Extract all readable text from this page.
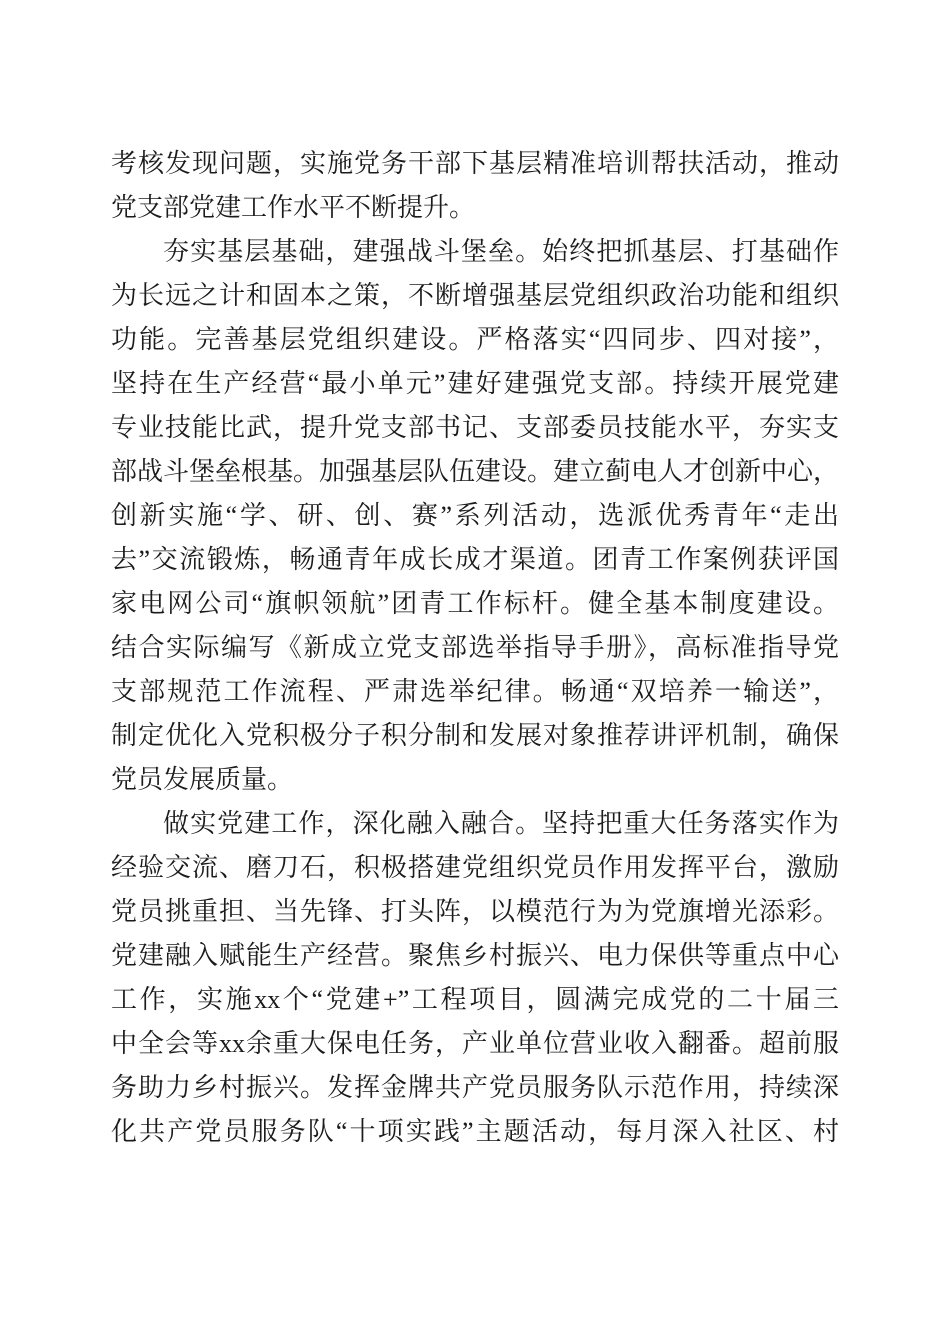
考核发现问题，实施党务干部下基层精准培训帮扶活动，推动
党支部党建工作水平不断提升。
夯实基层基础，建强战斗堡垒。始终把抓基层、打基础作
为长远之计和固本之策，不断增强基层党组织政治功能和组织
功能。完善基层党组织建设。严格落实“四同步、四对接”，
坚持在生产经营“最小单元”建好建强党支部。持续开展党建
专业技能比武，提升党支部书记、支部委员技能水平，夯实支
部战斗堡垒根基。加强基层队伍建设。建立蓟电人才创新中心，
创新实施“学、研、创、赛”系列活动，选派优秀青年“走出
去”交流锻炼，畅通青年成长成才渠道。团青工作案例获评国
家电网公司“旗帜领航”团青工作标杆。健全基本制度建设。
结合实际编写《新成立党支部选举指导手册》，高标准指导党
支部规范工作流程、严肃选举纪律。畅通“双培养一输送”，
制定优化入党积极分子积分制和发展对象推荐讲评机制，确保
党员发展质量。
做实党建工作，深化融入融合。坚持把重大任务落实作为
经验交流、磨刀石，积极搭建党组织党员作用发挥平台，激励
党员挑重担、当先锋、打头阵，以模范行为为党旗增光添彩。
党建融入赋能生产经营。聚焦乡村振兴、电力保供等重点中心
工作，实施xx个“党建+”工程项目，圆满完成党的二十届三
中全会等xx余重大保电任务，产业单位营业收入翻番。超前服
务助力乡村振兴。发挥金牌共产党员服务队示范作用，持续深
化共产党员服务队“十项实践”主题活动，每月深入社区、村
